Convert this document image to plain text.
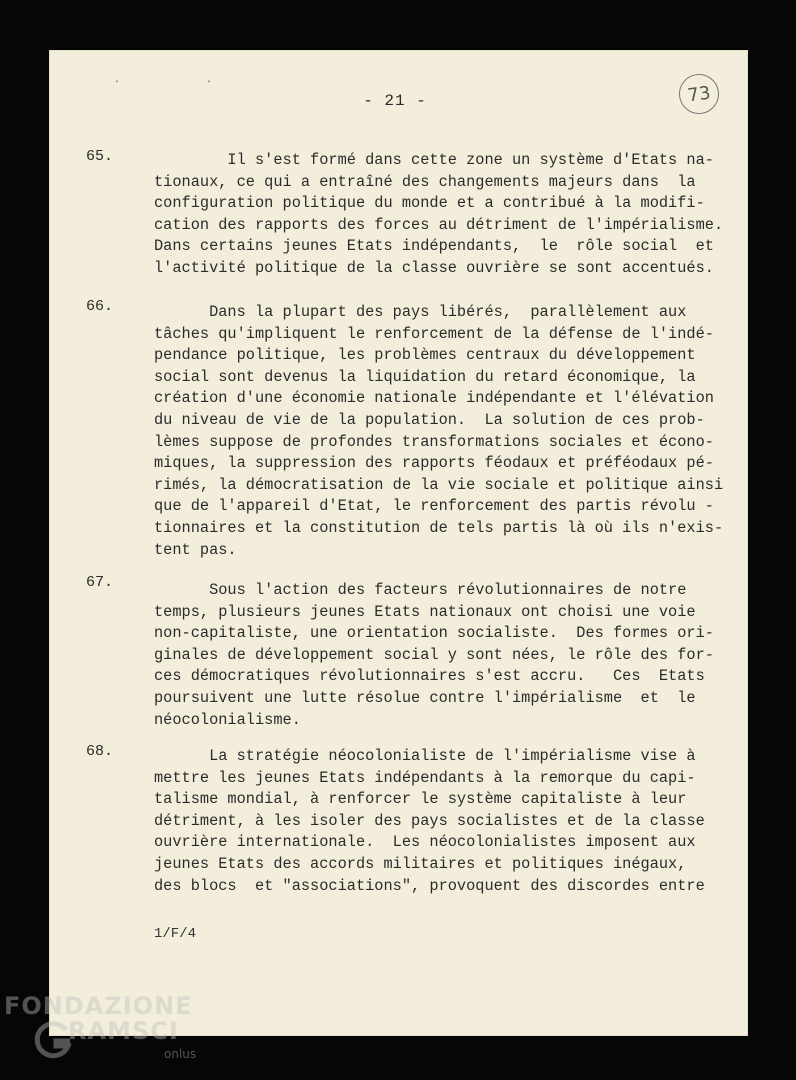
· ·
- 21 -	73
65.	Il s'est formé dans cette zone un système d'Etats na-
tionaux, ce qui a entraîné des changements majeurs dans  la
configuration politique du monde et a contribué à la modifi-
cation des rapports des forces au détriment de l'impérialisme.
Dans certains jeunes Etats indépendants,  le  rôle social  et
l'activité politique de la classe ouvrière se sont accentués.
66.	Dans la plupart des pays libérés,  parallèlement aux
tâches qu'impliquent le renforcement de la défense de l'indé-
pendance politique, les problèmes centraux du développement
social sont devenus la liquidation du retard économique, la
création d'une économie nationale indépendante et l'élévation
du niveau de vie de la population.  La solution de ces prob-
lèmes suppose de profondes transformations sociales et écono-
miques, la suppression des rapports féodaux et préféodaux pé-
rimés, la démocratisation de la vie sociale et politique ainsi
que de l'appareil d'Etat, le renforcement des partis révolu -
tionnaires et la constitution de tels partis là où ils n'exis-
tent pas.
67.	Sous l'action des facteurs révolutionnaires de notre
temps, plusieurs jeunes Etats nationaux ont choisi une voie
non-capitaliste, une orientation socialiste.  Des formes ori-
ginales de développement social y sont nées, le rôle des for-
ces démocratiques révolutionnaires s'est accru.   Ces  Etats
poursuivent une lutte résolue contre l'impérialisme  et  le
néocolonialisme.
68.	La stratégie néocolonialiste de l'impérialisme vise à
mettre les jeunes Etats indépendants à la remorque du capi-
talisme mondial, à renforcer le système capitaliste à leur
détriment, à les isoler des pays socialistes et de la classe
ouvrière internationale.  Les néocolonialistes imposent aux
jeunes Etats des accords militaires et politiques inégaux,
des blocs  et "associations", provoquent des discordes entre
1/F/4
FONDAZIONE
RAMSCI
onlus
